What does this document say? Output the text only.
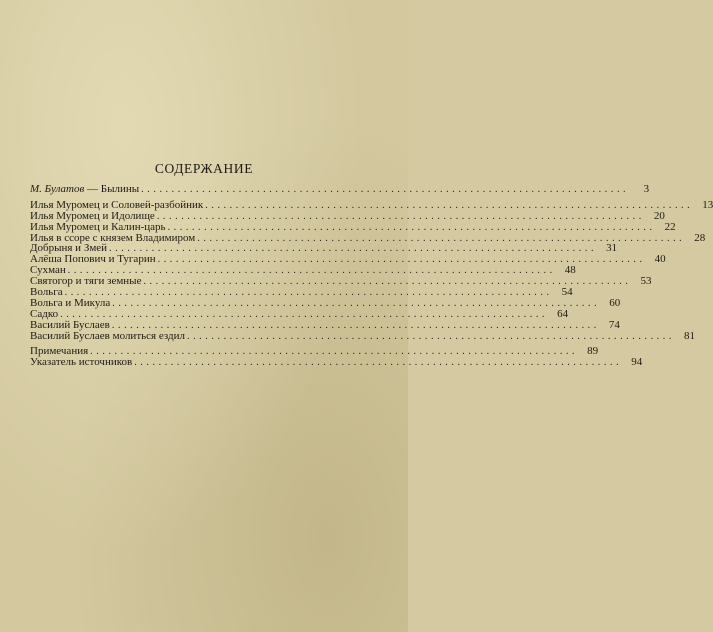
СОДЕРЖАНИЕ
М. Булатов — Былины ................................................................................	3
Илья Муромец и Соловей-разбойник ................................................................................ 13
Илья Муромец и Идолище ................................................................................ 20
Илья Муромец и Калин-царь ................................................................................ 22
Илья в ссоре с князем Владимиром ................................................................................ 28
Добрыня и Змей ................................................................................ 31
Алёша Попович и Тугарин ................................................................................ 40
Сухман ................................................................................ 48
Святогор и тяги земные ................................................................................ 53
Вольга ................................................................................ 54
Вольга и Микула ................................................................................ 60
Садко ................................................................................ 64
Василий Буслаев ................................................................................ 74
Василий Буслаев молиться ездил ................................................................................ 81
Примечания ................................................................................ 89
Указатель источников ................................................................................ 94
